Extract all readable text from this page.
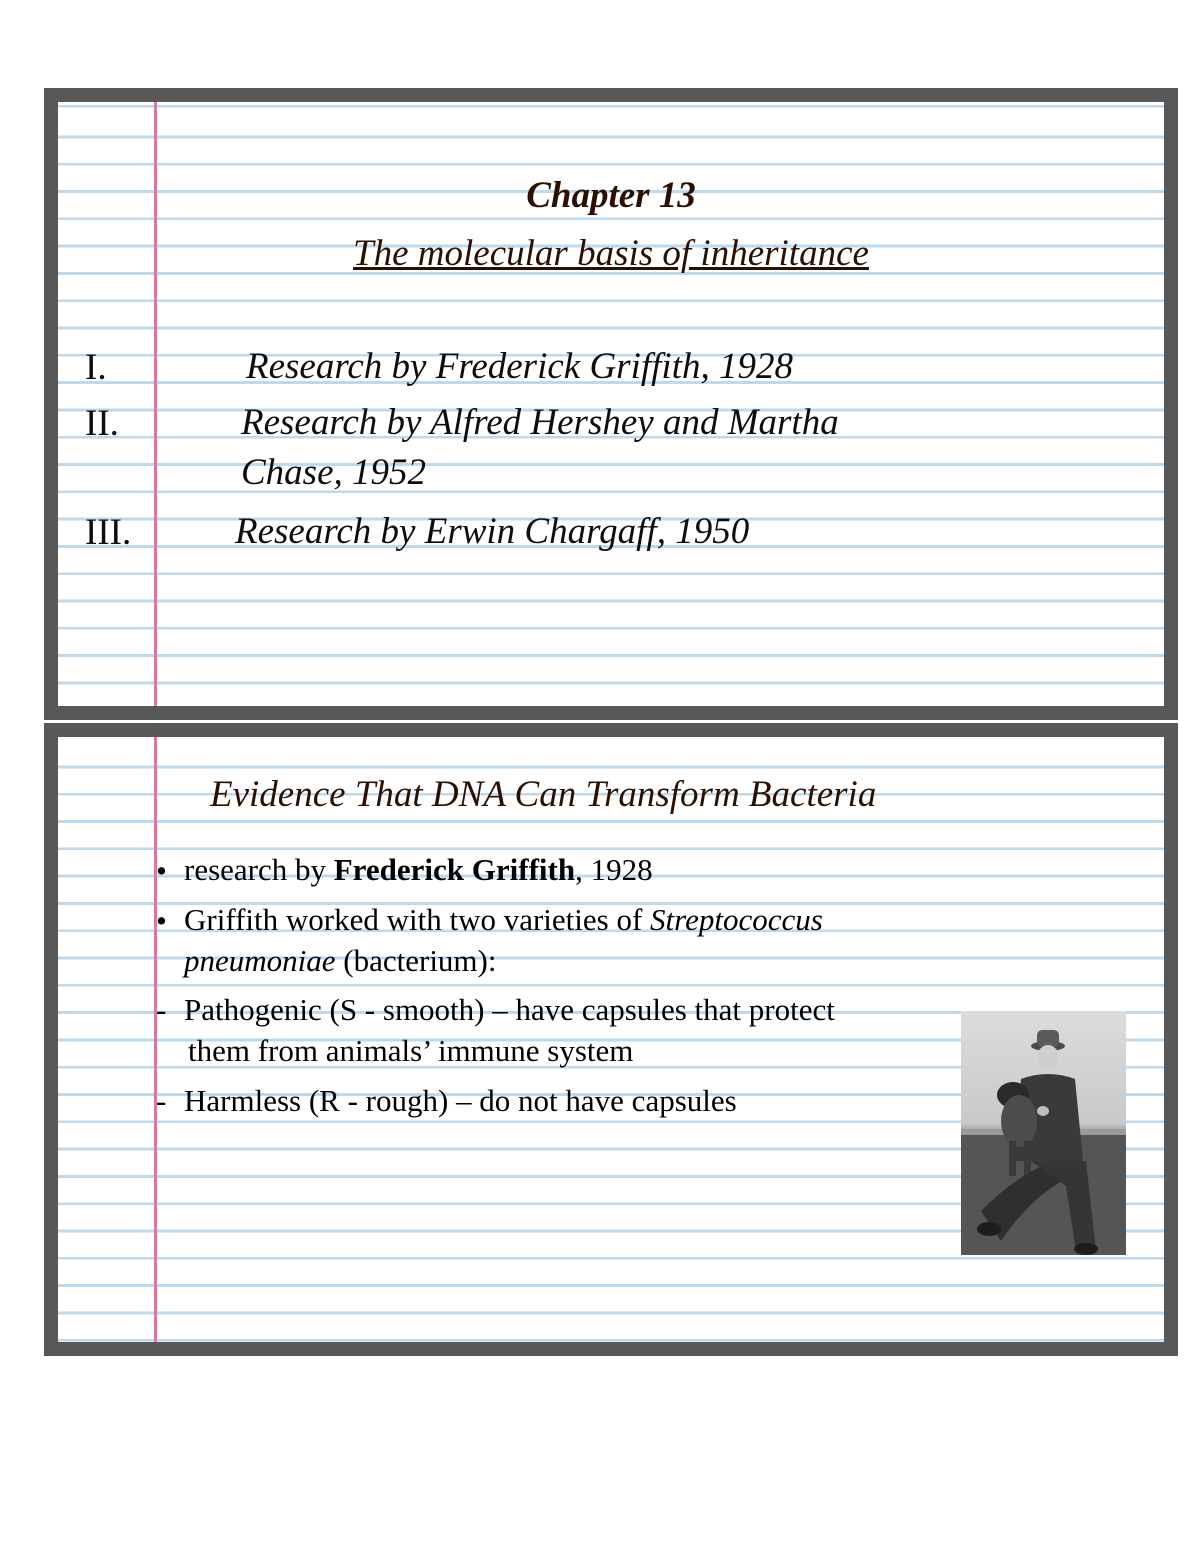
Chapter 13
The molecular basis of inheritance
I.	Research by Frederick Griffith, 1928
II.	Research by Alfred Hershey and Martha
Chase, 1952
III.	Research by Erwin Chargaff, 1950
Evidence That DNA Can Transform Bacteria
• research by Frederick Griffith, 1928
• Griffith worked with two varieties of Streptococcus
pneumoniae (bacterium):
- Pathogenic (S - smooth) – have capsules that protect
them from animals’ immune system
- Harmless (R - rough) – do not have capsules
